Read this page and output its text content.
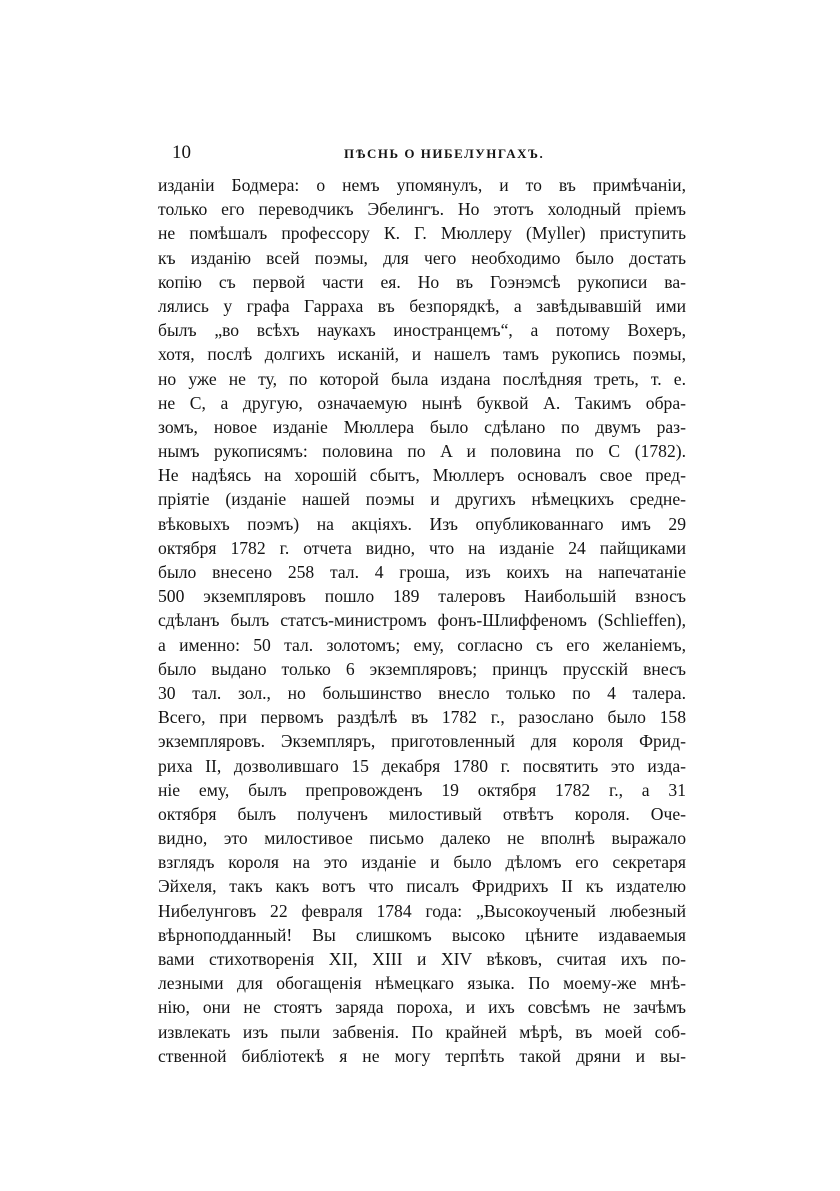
10	ПѢСНЬ О НИБЕЛУНГАХЪ.
изданіи Бодмера: о немъ упомянулъ, и то въ примѣчаніи,
только его переводчикъ Эбелингъ. Но этотъ холодный пріемъ
не помѣшалъ профессору К. Г. Мюллеру (Myller) приступить
къ изданію всей поэмы, для чего необходимо было достать
копію съ первой части ея. Но въ Гоэнэмсѣ рукописи ва-
лялись у графа Гарраха въ безпорядкѣ, а завѣдывавшій ими
былъ „во всѣхъ наукахъ иностранцемъ“, а потому Вохеръ,
хотя, послѣ долгихъ исканій, и нашелъ тамъ рукопись поэмы,
но уже не ту, по которой была издана послѣдняя треть, т. е.
не С, а другую, означаемую нынѣ буквой А. Такимъ обра-
зомъ, новое изданіе Мюллера было сдѣлано по двумъ раз-
нымъ рукописямъ: половина по A и половина по C (1782).
Не надѣясь на хорошій сбытъ, Мюллеръ основалъ свое пред-
пріятіе (изданіе нашей поэмы и другихъ нѣмецкихъ средне-
вѣковыхъ поэмъ) на акціяхъ. Изъ опубликованнаго имъ 29
октября 1782 г. отчета видно, что на изданіе 24 пайщиками
было внесено 258 тал. 4 гроша, изъ коихъ на напечатаніе
500 экземпляровъ пошло 189 талеровъ Наибольшій взносъ
сдѣланъ былъ статсъ-министромъ фонъ-Шлиффеномъ (Schlieffen),
а именно: 50 тал. золотомъ; ему, согласно съ его желаніемъ,
было выдано только 6 экземпляровъ; принцъ прусскій внесъ
30 тал. зол., но большинство внесло только по 4 талера.
Всего, при первомъ раздѣлѣ въ 1782 г., разослано было 158
экземпляровъ. Экземпляръ, приготовленный для короля Фрид-
риха II, дозволившаго 15 декабря 1780 г. посвятить это изда-
ніе ему, былъ препровожденъ 19 октября 1782 г., а 31
октября былъ полученъ милостивый отвѣтъ короля. Оче-
видно, это милостивое письмо далеко не вполнѣ выражало
взглядъ короля на это изданіе и было дѣломъ его секретаря
Эйхеля, такъ какъ вотъ что писалъ Фридрихъ II къ издателю
Нибелунговъ 22 февраля 1784 года: „Высокоученый любезный
вѣрноподданный! Вы слишкомъ высоко цѣните издаваемыя
вами стихотворенія XII, XIII и XIV вѣковъ, считая ихъ по-
лезными для обогащенія нѣмецкаго языка. По моему-же мнѣ-
нію, они не стоятъ заряда пороха, и ихъ совсѣмъ не зачѣмъ
извлекать изъ пыли забвенія. По крайней мѣрѣ, въ моей соб-
ственной библіотекѣ я не могу терпѣть такой дряни и вы-
